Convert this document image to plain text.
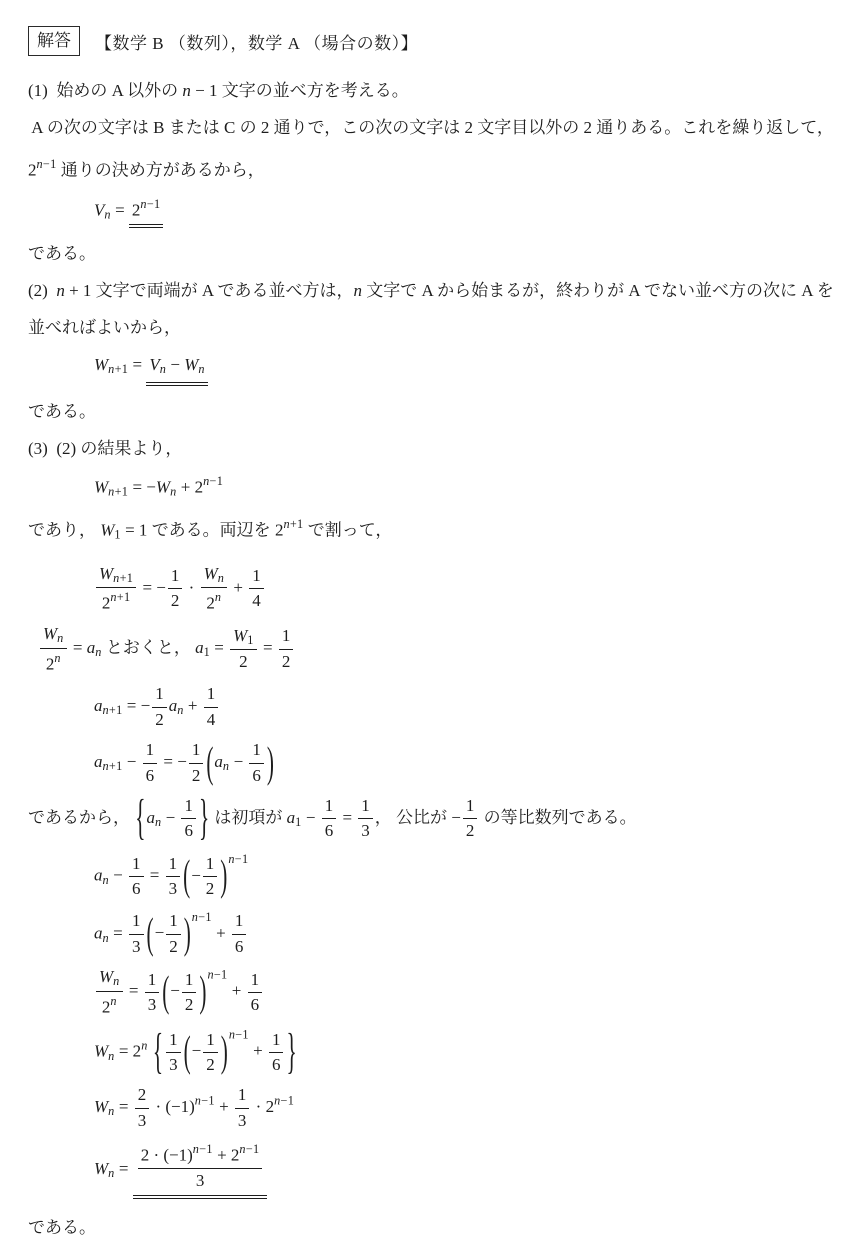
解答	【数学 B （数列），数学 A （場合の数）】
(1)  始めの A 以外の n − 1 文字の並べ方を考える。
A の次の文字は B または C の 2 通りで，この次の文字は 2 文字目以外の 2 通りある。これを繰り返して，
$2^{n-1}$ 通りの決め方があるから，
$Vn = 2^{n-1}$
である。
(2)  n + 1 文字で両端が A である並べ方は，n 文字で A から始まるが，終わりが A でない並べ方の次に A を
並べればよいから，
Wn+1 = Vn − Wn
である。
(3)  (2) の結果より，
$Wn+1 = -Wn + 2^{n-1}$
であり， W1 = 1 である。両辺を $2^{n+1}$ で割って，
$\frac{Wn+1}{2^{n+1}}$ = − $\frac{1}{2} \cdot \frac{Wn}{2^n} + \frac{1}{4}$
$\frac{Wn}{2^n}$ = an とおくと， $a1 = \frac{W1}{2} = \frac{1}{2}$
an+1 = − $\frac{1}{2}$ an + $\frac{1}{4}$
$an+1 - \frac{1}{6}$ = − $\frac{1}{2} (an - \frac{1}{6}$ )
であるから， {$an - \frac{1}{6}$ } は初項が $a1 - \frac{1}{6} = \frac{1}{3}$ ， 公比が − $\frac{1}{2}$ の等比数列である。
an − $\frac{1}{6} = \frac{1}{3}$ (− $\frac{1}{2} )^{n-1}$
an = $\frac{1}{3}$ (− $\frac{1}{2} )^{n-1} + \frac{1}{6}$
$\frac{Wn}{2^n} = \frac{1}{3}$ (− $\frac{1}{2} )^{n-1} + \frac{1}{6}$
$Wn = 2^n$ { $\frac{1}{3}$ (− $\frac{1}{2} )^{n-1} + \frac{1}{6}$ }
$Wn = \frac{2}{3} \cdot (-1)^{n-1} + \frac{1}{3} \cdot 2^{n-1}$
$Wn = \frac{2 \cdot (-1)^{n-1} + 2^{n-1}}{3}$
である。
